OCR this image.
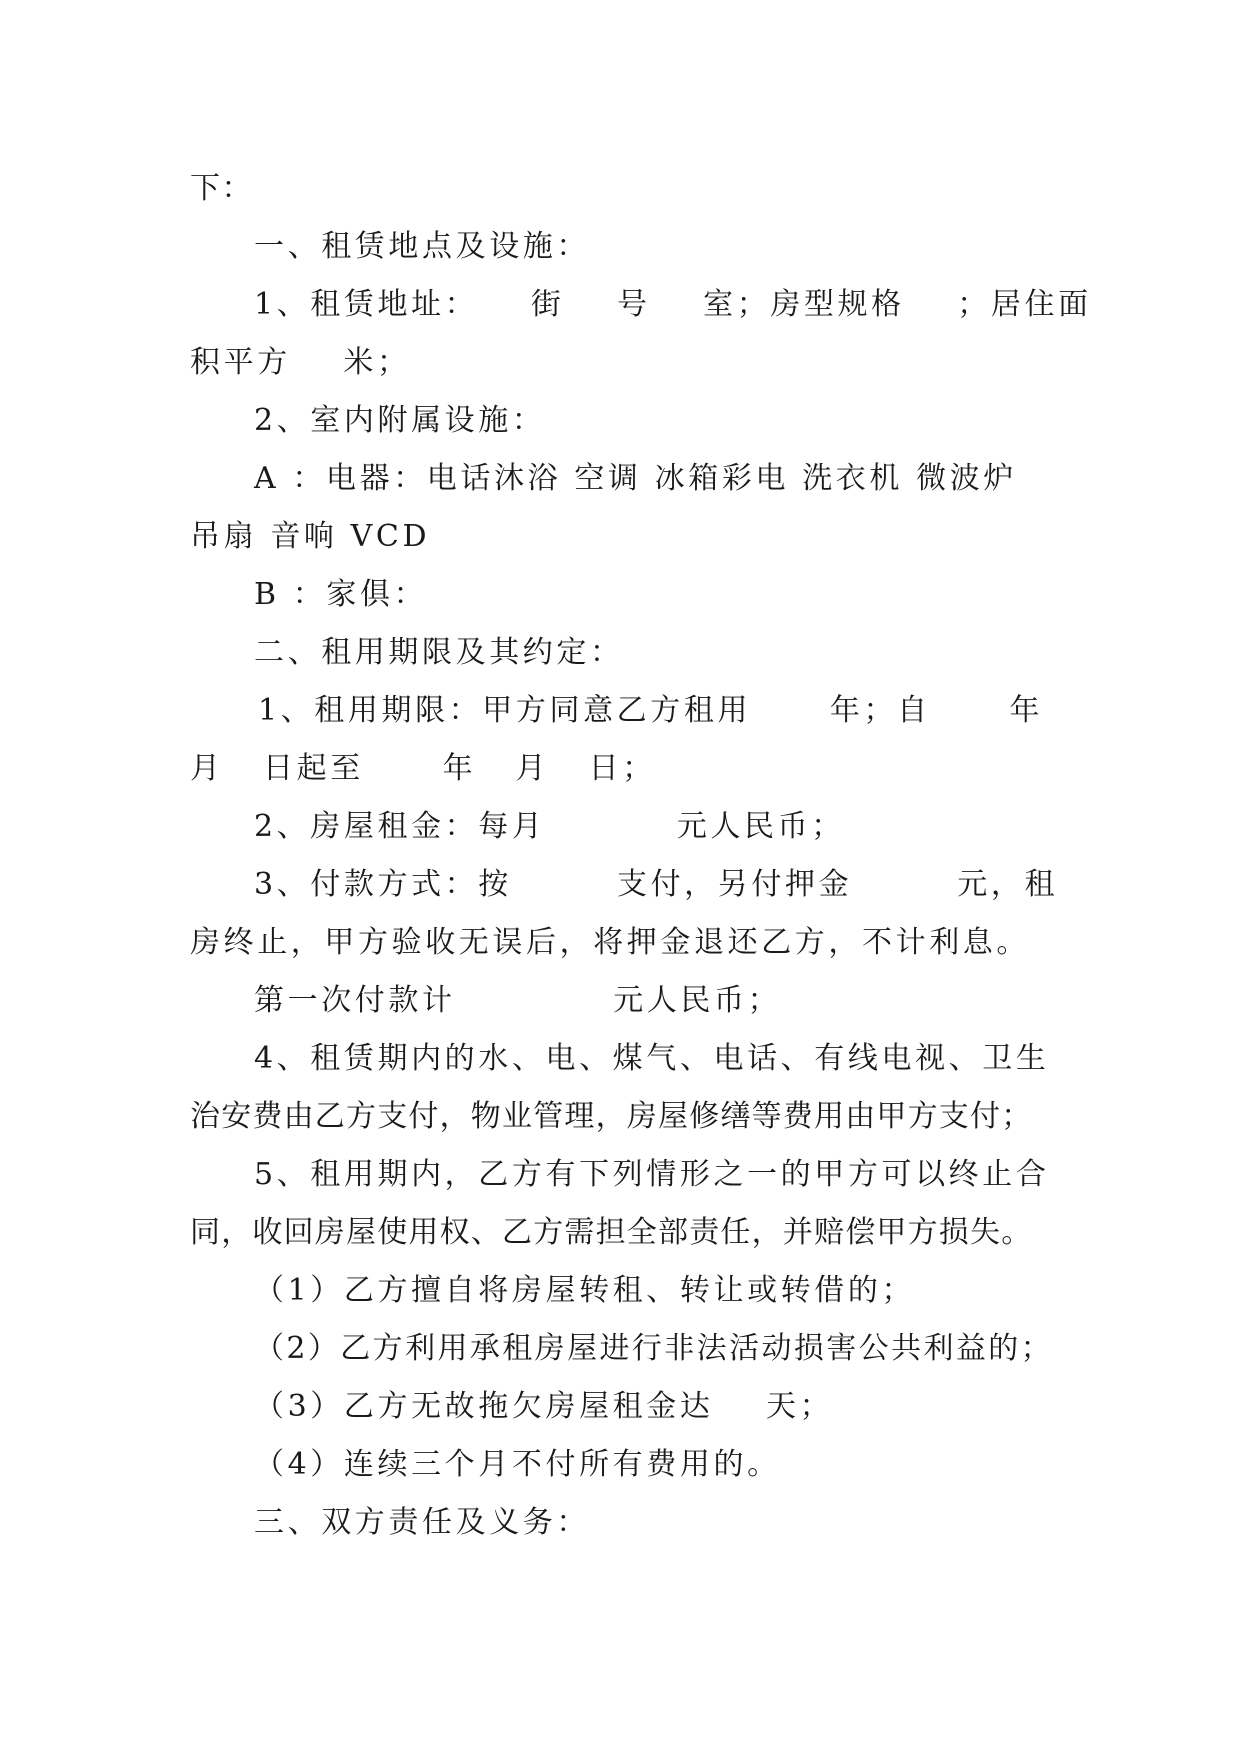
下：
一、租赁地点及设施：
1、租赁地址：    街    号    室；房型规格    ；居住面
积平方    米；
2、室内附属设施：
A ：电器：电话沐浴 空调 冰箱彩电 洗衣机 微波炉
吊扇 音响 VCD
B ：家俱：
二、租用期限及其约定：
1、租用期限：甲方同意乙方租用      年；自      年
月   日起至      年   月   日；
2、房屋租金：每月          元人民币；
3、付款方式：按        支付，另付押金        元，租
房终止，甲方验收无误后，将押金退还乙方，不计利息。
第一次付款计            元人民币；
4、租赁期内的水、电、煤气、电话、有线电视、卫生
治安费由乙方支付，物业管理，房屋修缮等费用由甲方支付；
5、租用期内，乙方有下列情形之一的甲方可以终止合
同，收回房屋使用权、乙方需担全部责任，并赔偿甲方损失。
（1）乙方擅自将房屋转租、转让或转借的；
（2）乙方利用承租房屋进行非法活动损害公共利益的；
（3）乙方无故拖欠房屋租金达    天；
（4）连续三个月不付所有费用的。
三、双方责任及义务：
